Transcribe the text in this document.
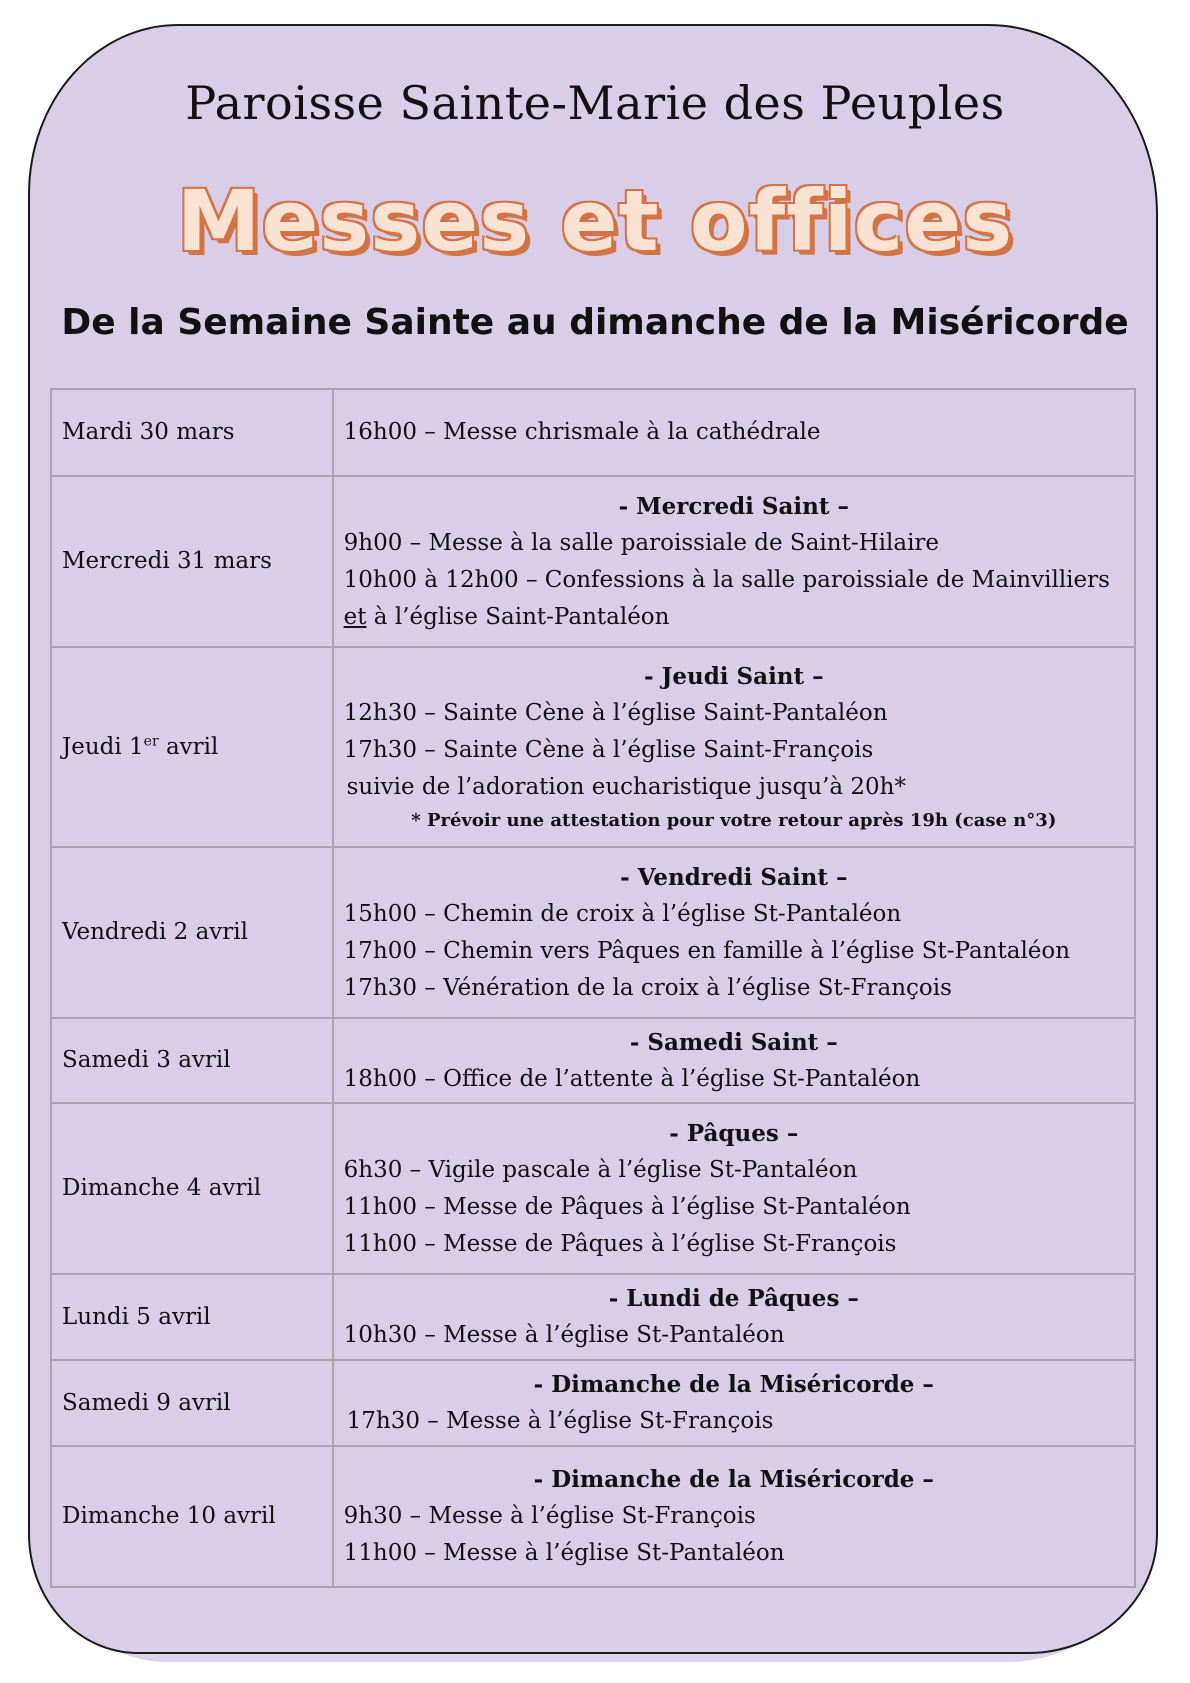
Paroisse Sainte-Marie des Peuples
Messes et offices
De la Semaine Sainte au dimanche de la Miséricorde
Mardi 30 mars	16h00 – Messe chrismale à la cathédrale

Mercredi 31 mars	- Mercredi Saint –
9h00 – Messe à la salle paroissiale de Saint-Hilaire
10h00 à 12h00 – Confessions à la salle paroissiale de Mainvilliers
et à l’église Saint-Pantaléon

Jeudi 1er avril	- Jeudi Saint –
12h30 – Sainte Cène à l’église Saint-Pantaléon
17h30 – Sainte Cène à l’église Saint-François
suivie de l’adoration eucharistique jusqu’à 20h*
* Prévoir une attestation pour votre retour après 19h (case n°3)

Vendredi 2 avril	- Vendredi Saint –
15h00 – Chemin de croix à l’église St-Pantaléon
17h00 – Chemin vers Pâques en famille à l’église St-Pantaléon
17h30 – Vénération de la croix à l’église St-François

Samedi 3 avril	- Samedi Saint –
18h00 – Office de l’attente à l’église St-Pantaléon

Dimanche 4 avril	- Pâques –
6h30 – Vigile pascale à l’église St-Pantaléon
11h00 – Messe de Pâques à l’église St-Pantaléon
11h00 – Messe de Pâques à l’église St-François

Lundi 5 avril	- Lundi de Pâques –
10h30 – Messe à l’église St-Pantaléon

Samedi 9 avril	- Dimanche de la Miséricorde –
17h30 – Messe à l’église St-François

Dimanche 10 avril	- Dimanche de la Miséricorde –
9h30 – Messe à l’église St-François
11h00 – Messe à l’église St-Pantaléon
